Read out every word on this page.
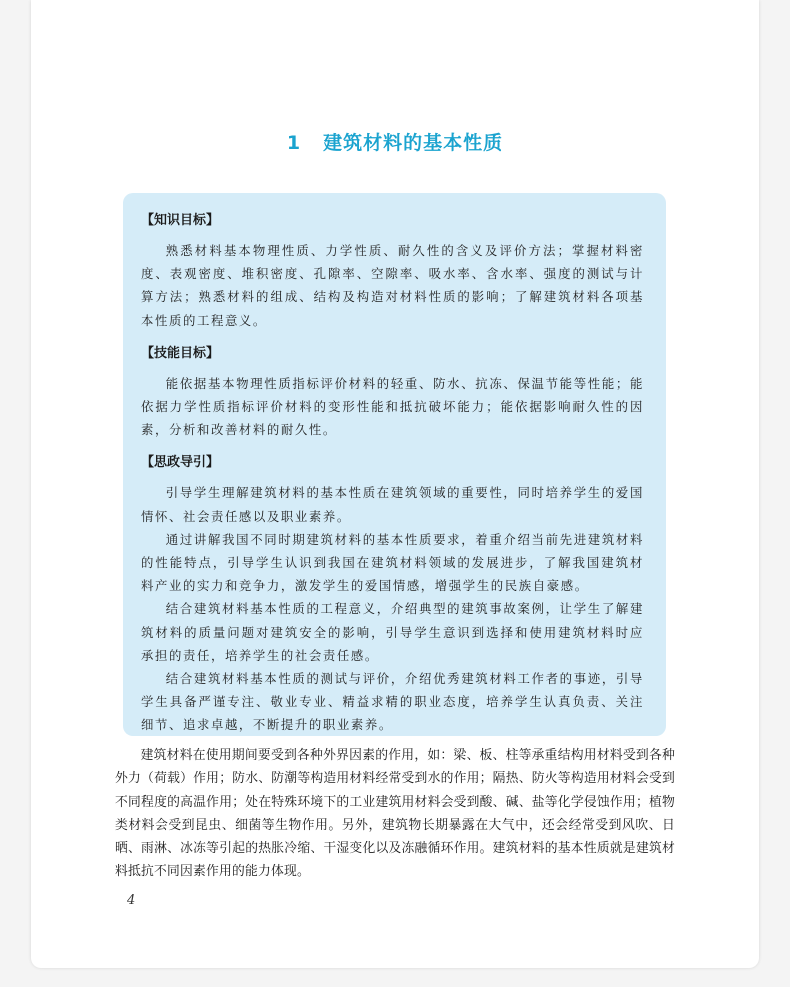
1 建筑材料的基本性质
【知识目标】

熟悉材料基本物理性质、力学性质、耐久性的含义及评价方法；掌握材料密度、表观密度、堆积密度、孔隙率、空隙率、吸水率、含水率、强度的测试与计算方法；熟悉材料的组成、结构及构造对材料性质的影响；了解建筑材料各项基本性质的工程意义。

【技能目标】

能依据基本物理性质指标评价材料的轻重、防水、抗冻、保温节能等性能；能依据力学性质指标评价材料的变形性能和抵抗破坏能力；能依据影响耐久性的因素，分析和改善材料的耐久性。

【思政导引】

引导学生理解建筑材料的基本性质在建筑领域的重要性，同时培养学生的爱国情怀、社会责任感以及职业素养。

通过讲解我国不同时期建筑材料的基本性质要求，着重介绍当前先进建筑材料的性能特点，引导学生认识到我国在建筑材料领域的发展进步，了解我国建筑材料产业的实力和竞争力，激发学生的爱国情感，增强学生的民族自豪感。

结合建筑材料基本性质的工程意义，介绍典型的建筑事故案例，让学生了解建筑材料的质量问题对建筑安全的影响，引导学生意识到选择和使用建筑材料时应承担的责任，培养学生的社会责任感。

结合建筑材料基本性质的测试与评价，介绍优秀建筑材料工作者的事迹，引导学生具备严谨专注、敬业专业、精益求精的职业态度，培养学生认真负责、关注细节、追求卓越，不断提升的职业素养。

建筑材料在使用期间要受到各种外界因素的作用，如：梁、板、柱等承重结构用材料受到各种外力（荷载）作用；防水、防潮等构造用材料经常受到水的作用；隔热、防火等构造用材料会受到不同程度的高温作用；处在特殊环境下的工业建筑用材料会受到酸、碱、盐等化学侵蚀作用；植物类材料会受到昆虫、细菌等生物作用。另外，建筑物长期暴露在大气中，还会经常受到风吹、日晒、雨淋、冰冻等引起的热胀冷缩、干湿变化以及冻融循环作用。建筑材料的基本性质就是建筑材料抵抗不同因素作用的能力体现。

4
